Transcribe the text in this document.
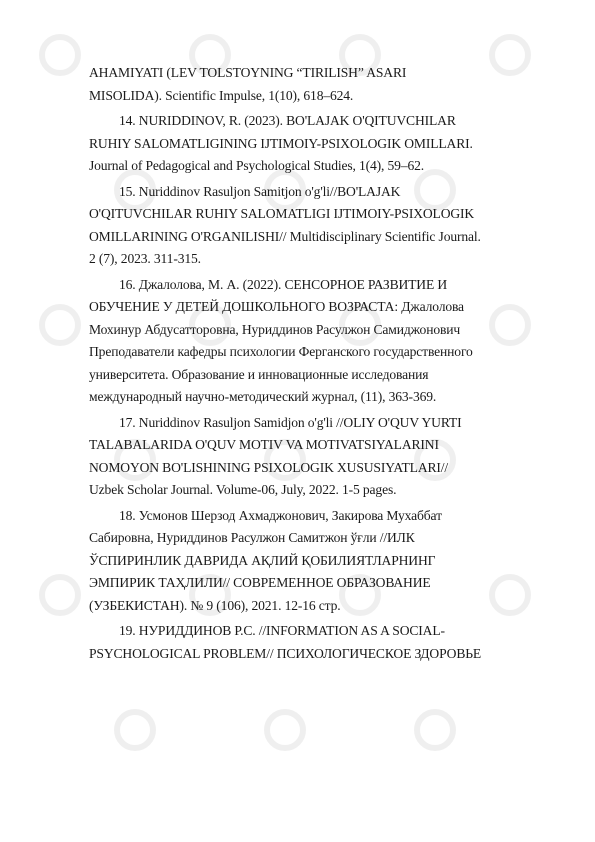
AHAMIYATI (LEV TOLSTOYNING “TIRILISH” ASARI
MISOLIDA). Scientific Impulse, 1(10), 618–624.
14. NURIDDINOV, R. (2023). BO'LAJAK O'QITUVCHILAR
RUHIY SALOMATLIGINING IJTIMOIY-PSIXOLOGIK OMILLARI.
Journal of Pedagogical and Psychological Studies, 1(4), 59–62.
15. Nuriddinov Rasuljon Samitjon o'g'li//BO'LAJAK
O'QITUVCHILAR RUHIY SALOMATLIGI IJTIMOIY-PSIXOLOGIK
OMILLARINING O'RGANILISHI// Multidisciplinary Scientific Journal.
2 (7), 2023. 311-315.
16. Джалолова, М. А. (2022). СЕНСОРНОЕ РАЗВИТИЕ И
ОБУЧЕНИЕ У ДЕТЕЙ ДОШКОЛЬНОГО ВОЗРАСТА: Джалолова
Мохинур Абдусатторовна, Нуриддинов Расулжон Самиджонович
Преподаватели кафедры психологии Ферганского государственного
университета. Образование и инновационные исследования
международный научно-методический журнал, (11), 363-369.
17. Nuriddinov Rasuljon Samidjon o'g'li //OLIY O'QUV YURTI
TALABALARIDA O'QUV MOTIV VA MOTIVATSIYALARINI
NOMOYON BO'LISHINING PSIXOLOGIK XUSUSIYATLARI//
Uzbek Scholar Journal. Volume-06, July, 2022. 1-5 pages.
18. Усмонов Шерзод Ахмаджонович, Закирова Мухаббат
Сабировна, Нуриддинов Расулжон Самитжон ўғли //ИЛК
ЎСПИРИНЛИК ДАВРИДА АҚЛИЙ ҚОБИЛИЯТЛАРНИНГ
ЭМПИРИК ТАҲЛИЛИ// СОВРЕМЕННОЕ ОБРАЗОВАНИЕ
(УЗБЕКИСТАН). № 9 (106), 2021. 12-16 стр.
19. НУРИДДИНОВ Р.С. //INFORMATION AS A SOCIAL-
PSYCHOLOGICAL PROBLEM// ПСИХОЛОГИЧЕСКОЕ ЗДОРОВЬЕ
